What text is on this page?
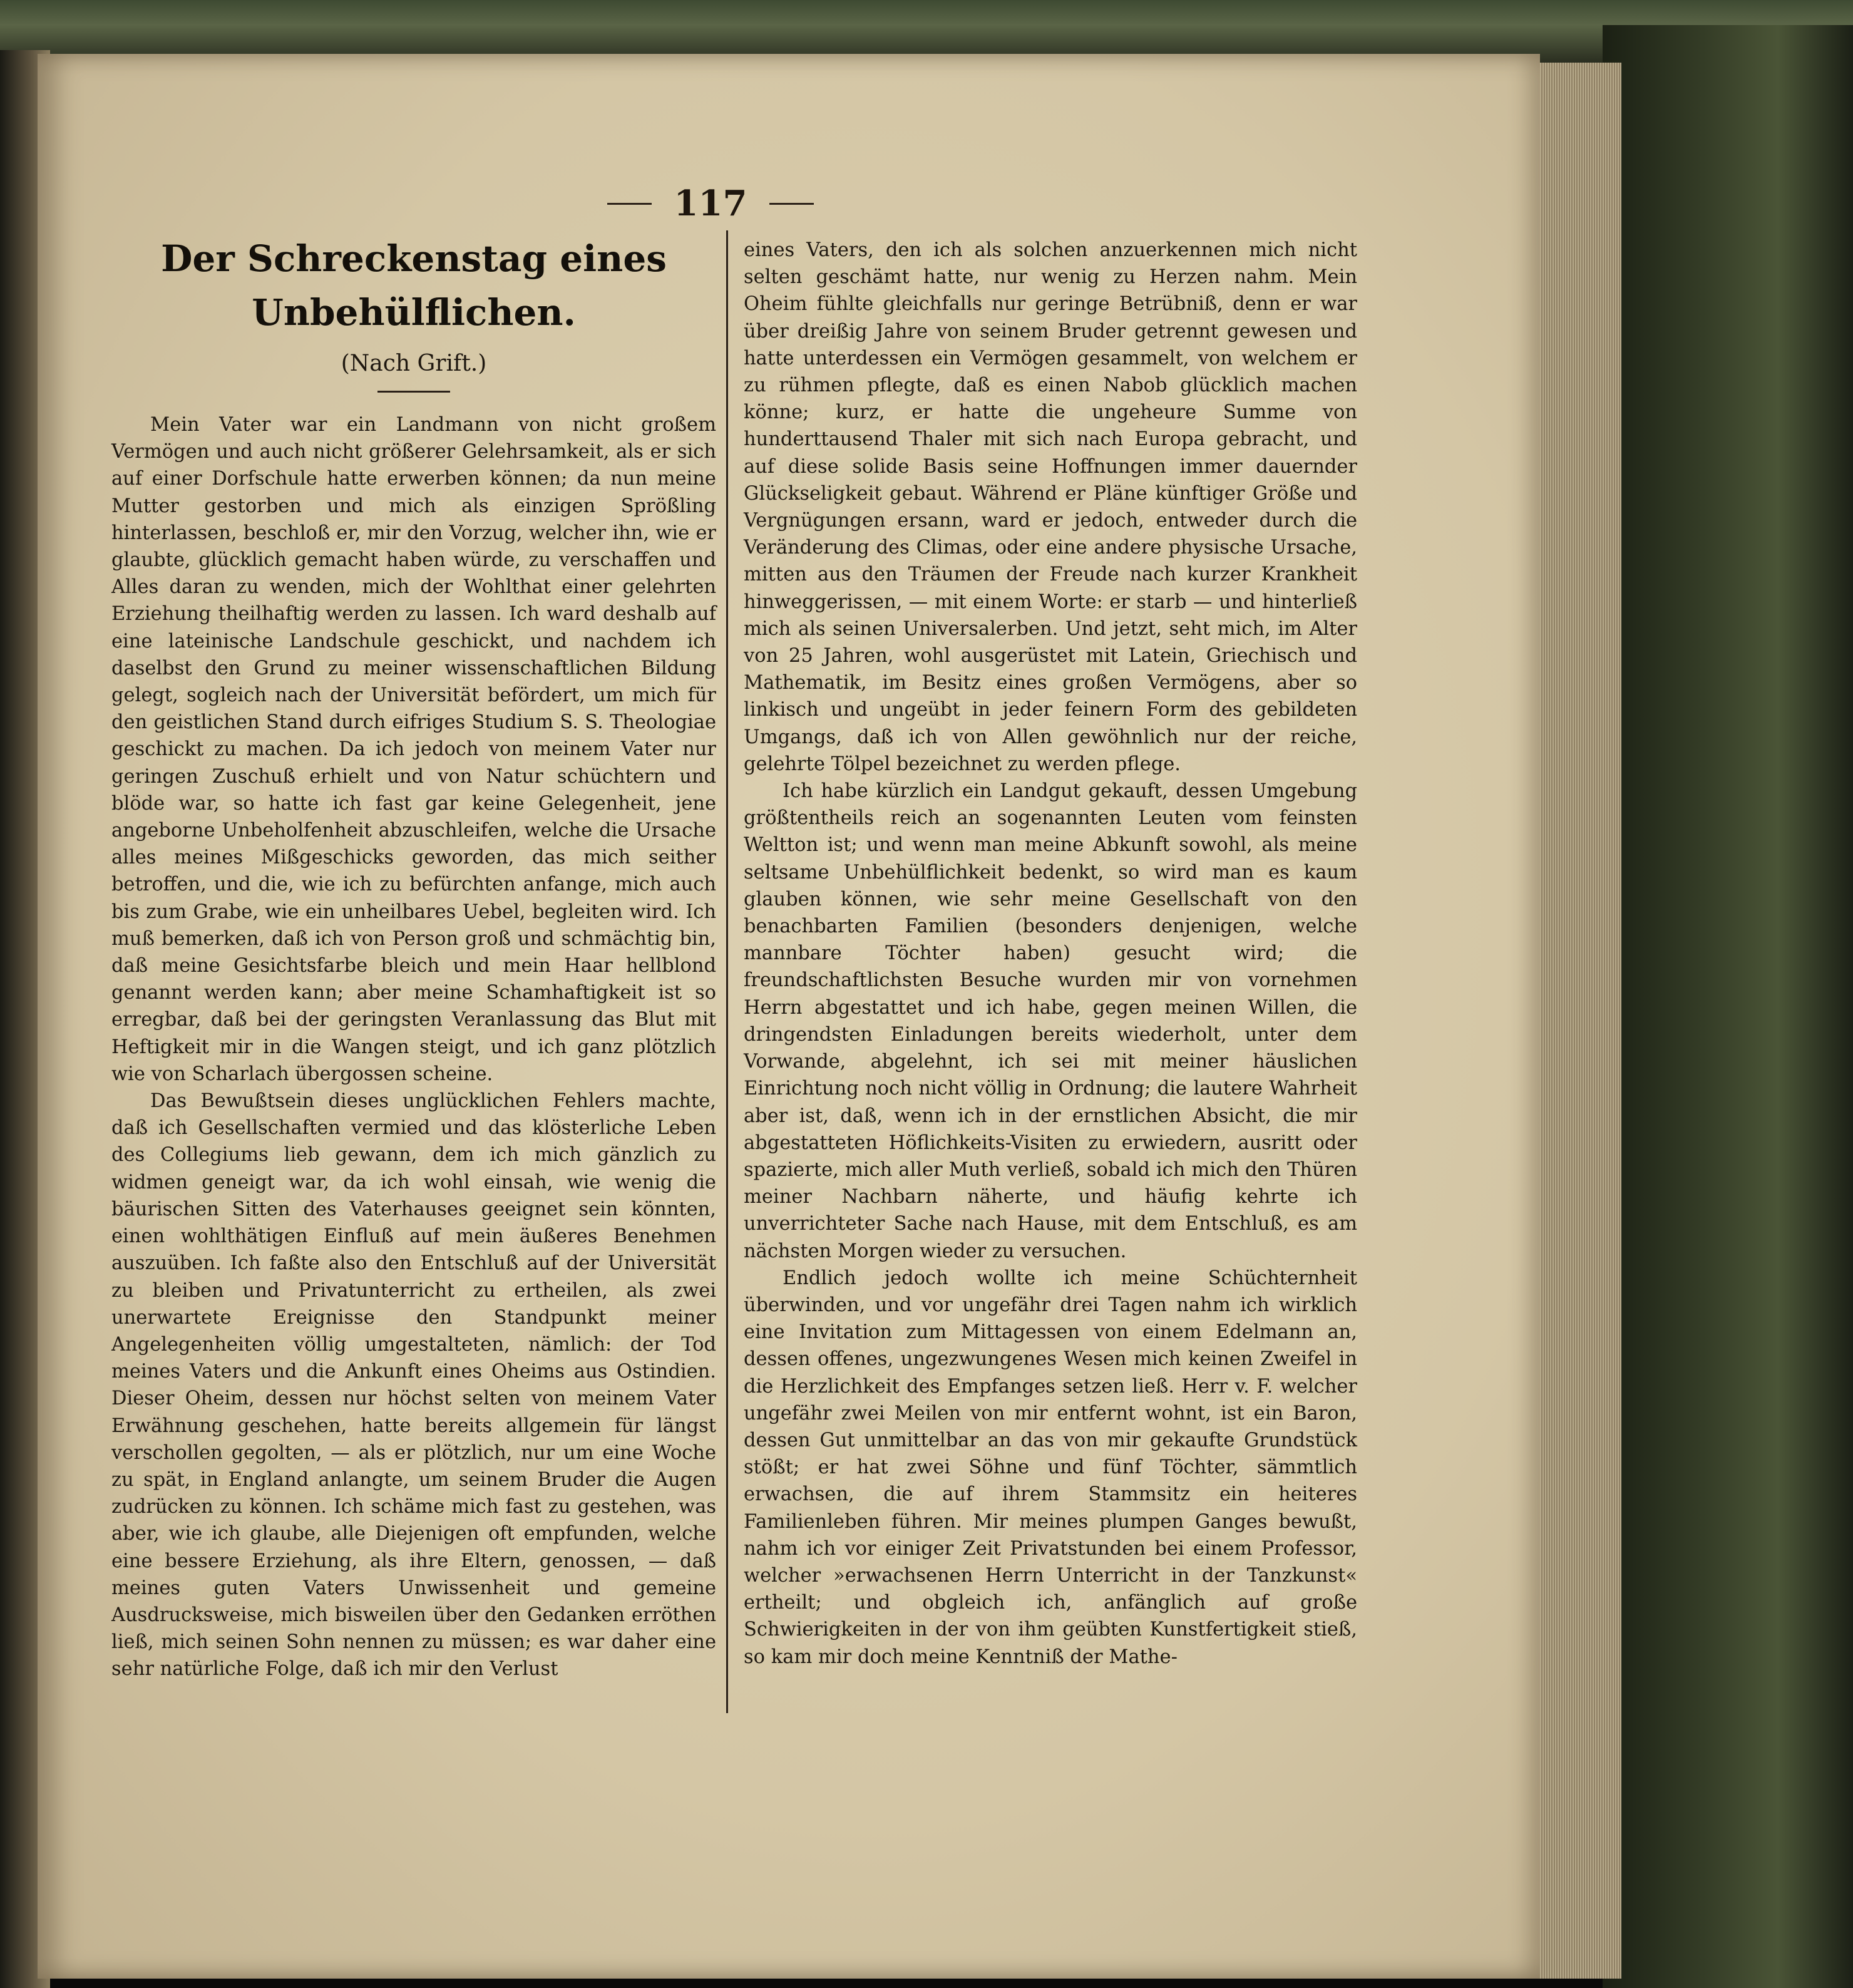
117
Der Schreckenstag eines Unbehülflichen.
(Nach Grift.)

Mein Vater war ein Landmann von nicht großem Vermögen und auch nicht größerer Gelehrsamkeit, als er sich auf einer Dorfschule hatte erwerben können; da nun meine Mutter gestorben und mich als einzigen Sprößling hinterlassen, beschloß er, mir den Vorzug, welcher ihn, wie er glaubte, glücklich gemacht haben würde, zu verschaffen und Alles daran zu wenden, mich der Wohlthat einer gelehrten Erziehung theilhaftig werden zu lassen. Ich ward deshalb auf eine lateinische Landschule geschickt, und nachdem ich daselbst den Grund zu meiner wissenschaftlichen Bildung gelegt, sogleich nach der Universität befördert, um mich für den geistlichen Stand durch eifriges Studium S. S. Theologiae geschickt zu machen. Da ich jedoch von meinem Vater nur geringen Zuschuß erhielt und von Natur schüchtern und blöde war, so hatte ich fast gar keine Gelegenheit, jene angeborne Unbeholfenheit abzuschleifen, welche die Ursache alles meines Mißgeschicks geworden, das mich seither betroffen, und die, wie ich zu befürchten anfange, mich auch bis zum Grabe, wie ein unheilbares Uebel, begleiten wird. Ich muß bemerken, daß ich von Person groß und schmächtig bin, daß meine Gesichtsfarbe bleich und mein Haar hellblond genannt werden kann; aber meine Schamhaftigkeit ist so erregbar, daß bei der geringsten Veranlassung das Blut mit Heftigkeit mir in die Wangen steigt, und ich ganz plötzlich wie von Scharlach übergossen scheine.

Das Bewußtsein dieses unglücklichen Fehlers machte, daß ich Gesellschaften vermied und das klösterliche Leben des Collegiums lieb gewann, dem ich mich gänzlich zu widmen geneigt war, da ich wohl einsah, wie wenig die bäurischen Sitten des Vaterhauses geeignet sein könnten, einen wohlthätigen Einfluß auf mein äußeres Benehmen auszuüben. Ich faßte also den Entschluß auf der Universität zu bleiben und Privatunterricht zu ertheilen, als zwei unerwartete Ereignisse den Standpunkt meiner Angelegenheiten völlig umgestalteten, nämlich: der Tod meines Vaters und die Ankunft eines Oheims aus Ostindien. Dieser Oheim, dessen nur höchst selten von meinem Vater Erwähnung geschehen, hatte bereits allgemein für längst verschollen gegolten, — als er plötzlich, nur um eine Woche zu spät, in England anlangte, um seinem Bruder die Augen zudrücken zu können. Ich schäme mich fast zu gestehen, was aber, wie ich glaube, alle Diejenigen oft empfunden, welche eine bessere Erziehung, als ihre Eltern, genossen, — daß meines guten Vaters Unwissenheit und gemeine Ausdrucksweise, mich bisweilen über den Gedanken erröthen ließ, mich seinen Sohn nennen zu müssen; es war daher eine sehr natürliche Folge, daß ich mir den Verlust

eines Vaters, den ich als solchen anzuerkennen mich nicht selten geschämt hatte, nur wenig zu Herzen nahm. Mein Oheim fühlte gleichfalls nur geringe Betrübniß, denn er war über dreißig Jahre von seinem Bruder getrennt gewesen und hatte unterdessen ein Vermögen gesammelt, von welchem er zu rühmen pflegte, daß es einen Nabob glücklich machen könne; kurz, er hatte die ungeheure Summe von hunderttausend Thaler mit sich nach Europa gebracht, und auf diese solide Basis seine Hoffnungen immer dauernder Glückseligkeit gebaut. Während er Pläne künftiger Größe und Vergnügungen ersann, ward er jedoch, entweder durch die Veränderung des Climas, oder eine andere physische Ursache, mitten aus den Träumen der Freude nach kurzer Krankheit hinweggerissen, — mit einem Worte: er starb — und hinterließ mich als seinen Universalerben. Und jetzt, seht mich, im Alter von 25 Jahren, wohl ausgerüstet mit Latein, Griechisch und Mathematik, im Besitz eines großen Vermögens, aber so linkisch und ungeübt in jeder feinern Form des gebildeten Umgangs, daß ich von Allen gewöhnlich nur der reiche, gelehrte Tölpel bezeichnet zu werden pflege.

Ich habe kürzlich ein Landgut gekauft, dessen Umgebung größtentheils reich an sogenannten Leuten vom feinsten Weltton ist; und wenn man meine Abkunft sowohl, als meine seltsame Unbehülflichkeit bedenkt, so wird man es kaum glauben können, wie sehr meine Gesellschaft von den benachbarten Familien (besonders denjenigen, welche mannbare Töchter haben) gesucht wird; die freundschaftlichsten Besuche wurden mir von vornehmen Herrn abgestattet und ich habe, gegen meinen Willen, die dringendsten Einladungen bereits wiederholt, unter dem Vorwande, abgelehnt, ich sei mit meiner häuslichen Einrichtung noch nicht völlig in Ordnung; die lautere Wahrheit aber ist, daß, wenn ich in der ernstlichen Absicht, die mir abgestatteten Höflichkeits-Visiten zu erwiedern, ausritt oder spazierte, mich aller Muth verließ, sobald ich mich den Thüren meiner Nachbarn näherte, und häufig kehrte ich unverrichteter Sache nach Hause, mit dem Entschluß, es am nächsten Morgen wieder zu versuchen.

Endlich jedoch wollte ich meine Schüchternheit überwinden, und vor ungefähr drei Tagen nahm ich wirklich eine Invitation zum Mittagessen von einem Edelmann an, dessen offenes, ungezwungenes Wesen mich keinen Zweifel in die Herzlichkeit des Empfanges setzen ließ. Herr v. F. welcher ungefähr zwei Meilen von mir entfernt wohnt, ist ein Baron, dessen Gut unmittelbar an das von mir gekaufte Grundstück stößt; er hat zwei Söhne und fünf Töchter, sämmtlich erwachsen, die auf ihrem Stammsitz ein heiteres Familienleben führen. Mir meines plumpen Ganges bewußt, nahm ich vor einiger Zeit Privatstunden bei einem Professor, welcher »erwachsenen Herrn Unterricht in der Tanzkunst« ertheilt; und obgleich ich, anfänglich auf große Schwierigkeiten in der von ihm geübten Kunstfertigkeit stieß, so kam mir doch meine Kenntniß der Mathe-
